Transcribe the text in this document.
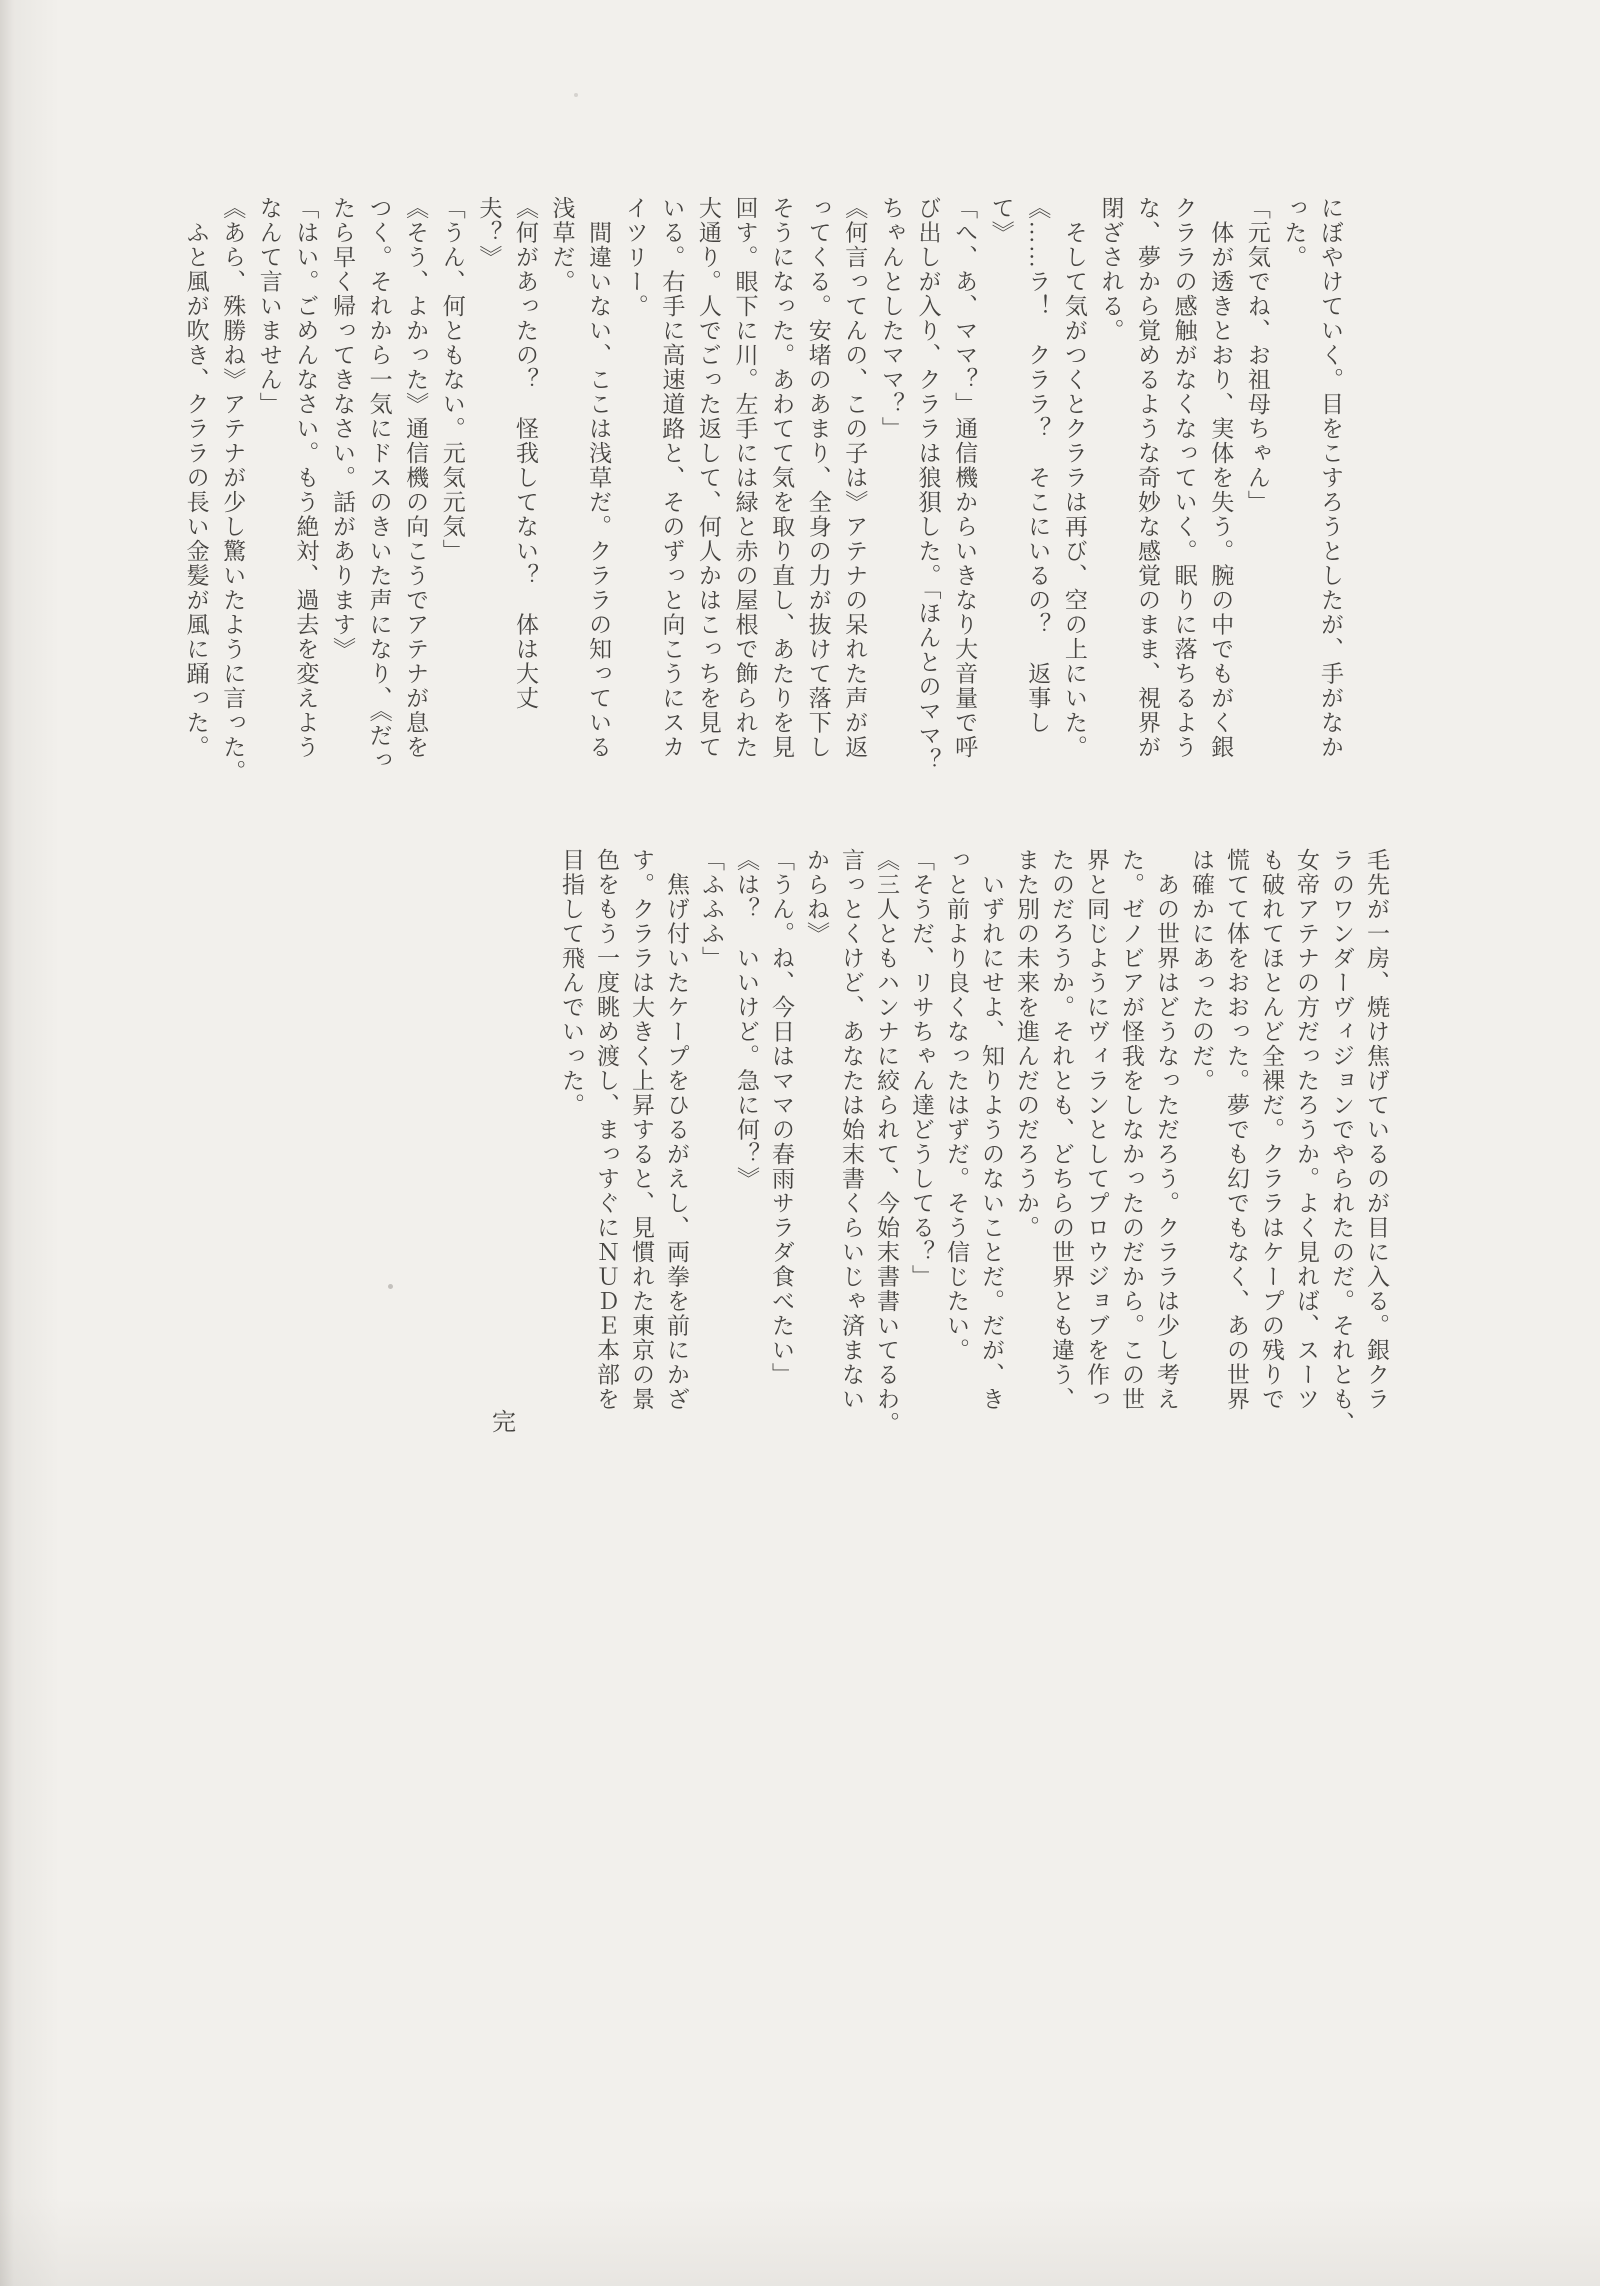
にぼやけていく。目をこすろうとしたが、手がなか

った。

「元気でね、お祖母ちゃん」

　体が透きとおり、実体を失う。腕の中でもがく銀

クララの感触がなくなっていく。眠りに落ちるよう

な、夢から覚めるような奇妙な感覚のまま、視界が

閉ざされる。

　そして気がつくとクララは再び、空の上にいた。

《……ラ！　クララ？　そこにいるの？　返事し

て》

「へ、あ、ママ？」通信機からいきなり大音量で呼

び出しが入り、クララは狼狽した。「ほんとのママ？

ちゃんとしたママ？」

《何言ってんの、この子は》アテナの呆れた声が返

ってくる。安堵のあまり、全身の力が抜けて落下し

そうになった。あわてて気を取り直し、あたりを見

回す。眼下に川。左手には緑と赤の屋根で飾られた

大通り。人でごった返して、何人かはこっちを見て

いる。右手に高速道路と、そのずっと向こうにスカ

イツリー。

　間違いない、ここは浅草だ。クララの知っている

浅草だ。

《何があったの？　怪我してない？　体は大丈

夫？》

「うん、何ともない。元気元気」

《そう、よかった》通信機の向こうでアテナが息を

つく。それから一気にドスのきいた声になり、《だっ

たら早く帰ってきなさい。話があります》

「はい。ごめんなさい。もう絶対、過去を変えよう

なんて言いません」

《あら、殊勝ね》アテナが少し驚いたように言った。

　ふと風が吹き、クララの長い金髪が風に踊った。

毛先が一房、焼け焦げているのが目に入る。銀クラ

ラのワンダーヴィジョンでやられたのだ。それとも、

女帝アテナの方だったろうか。よく見れば、スーツ

も破れてほとんど全裸だ。クララはケープの残りで

慌てて体をおおった。夢でも幻でもなく、あの世界

は確かにあったのだ。

　あの世界はどうなっただろう。クララは少し考え

た。ゼノビアが怪我をしなかったのだから。この世

界と同じようにヴィランとしてプロウジョブを作っ

たのだろうか。それとも、どちらの世界とも違う、

また別の未来を進んだのだろうか。

　いずれにせよ、知りようのないことだ。だが、き

っと前より良くなったはずだ。そう信じたい。

「そうだ、リサちゃん達どうしてる？」

《三人ともハンナに絞られて、今始末書書いてるわ。

言っとくけど、あなたは始末書くらいじゃ済まない

からね》

「うん。ね、今日はママの春雨サラダ食べたい」

《は？　いいけど。急に何？》

「ふふふ」

　焦げ付いたケープをひるがえし、両拳を前にかざ

す。クララは大きく上昇すると、見慣れた東京の景

色をもう一度眺め渡し、まっすぐにＮＵＤＥ本部を

目指して飛んでいった。

完
